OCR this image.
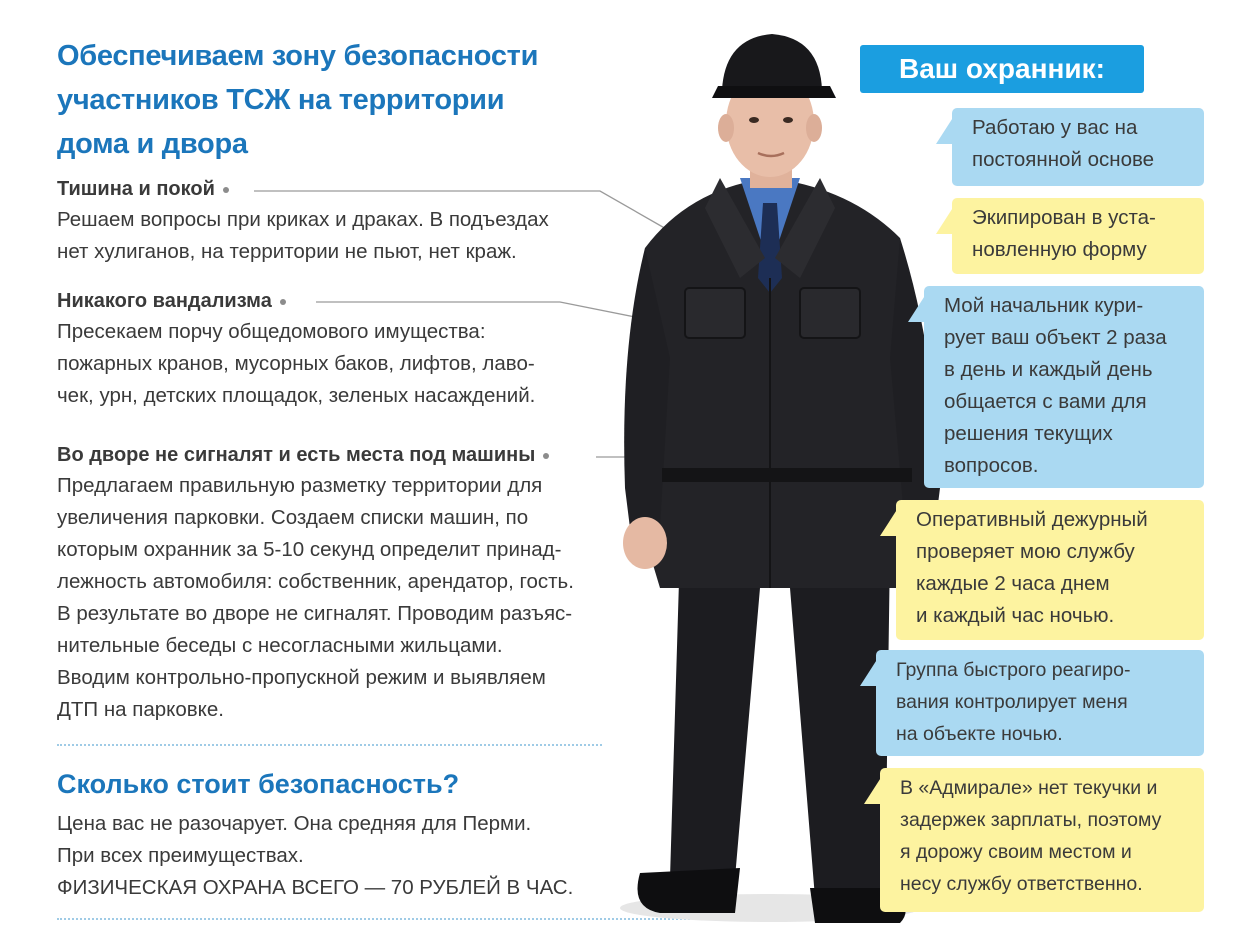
Обеспечиваем зону безопасности
участников ТСЖ на территории
дома и двора
Тишина и покой
Решаем вопросы при криках и драках. В подъездах
нет хулиганов, на территории не пьют, нет краж.
Никакого вандализма
Пресекаем порчу общедомового имущества:
пожарных кранов, мусорных баков, лифтов, лаво-
чек, урн, детских площадок, зеленых насаждений.
Во дворе не сигналят и есть места под машины
Предлагаем правильную разметку территории для
увеличения парковки. Создаем списки машин, по
которым охранник за 5-10 секунд определит принад-
лежность автомобиля: собственник, арендатор, гость.
В результате во дворе не сигналят. Проводим разъяс-
нительные беседы с несогласными жильцами.
Вводим контрольно-пропускной режим и выявляем
ДТП на парковке.
Сколько стоит безопасность?
Цена вас не разочарует. Она средняя для Перми.
При всех преимуществах.
ФИЗИЧЕСКАЯ ОХРАНА ВСЕГО — 70 РУБЛЕЙ В ЧАС.
Ваш охранник:
Работаю у вас на
постоянной основе
Экипирован в уста-
новленную форму
Мой начальник кури-
рует ваш объект 2 раза
в день и каждый день
общается с вами для
решения текущих
вопросов.
Оперативный дежурный
проверяет мою службу
каждые 2 часа днем
и каждый час ночью.
Группа быстрого реагиро-
вания контролирует меня
на объекте ночью.
В «Адмирале» нет текучки и
задержек зарплаты, поэтому
я дорожу своим местом и
несу службу ответственно.
